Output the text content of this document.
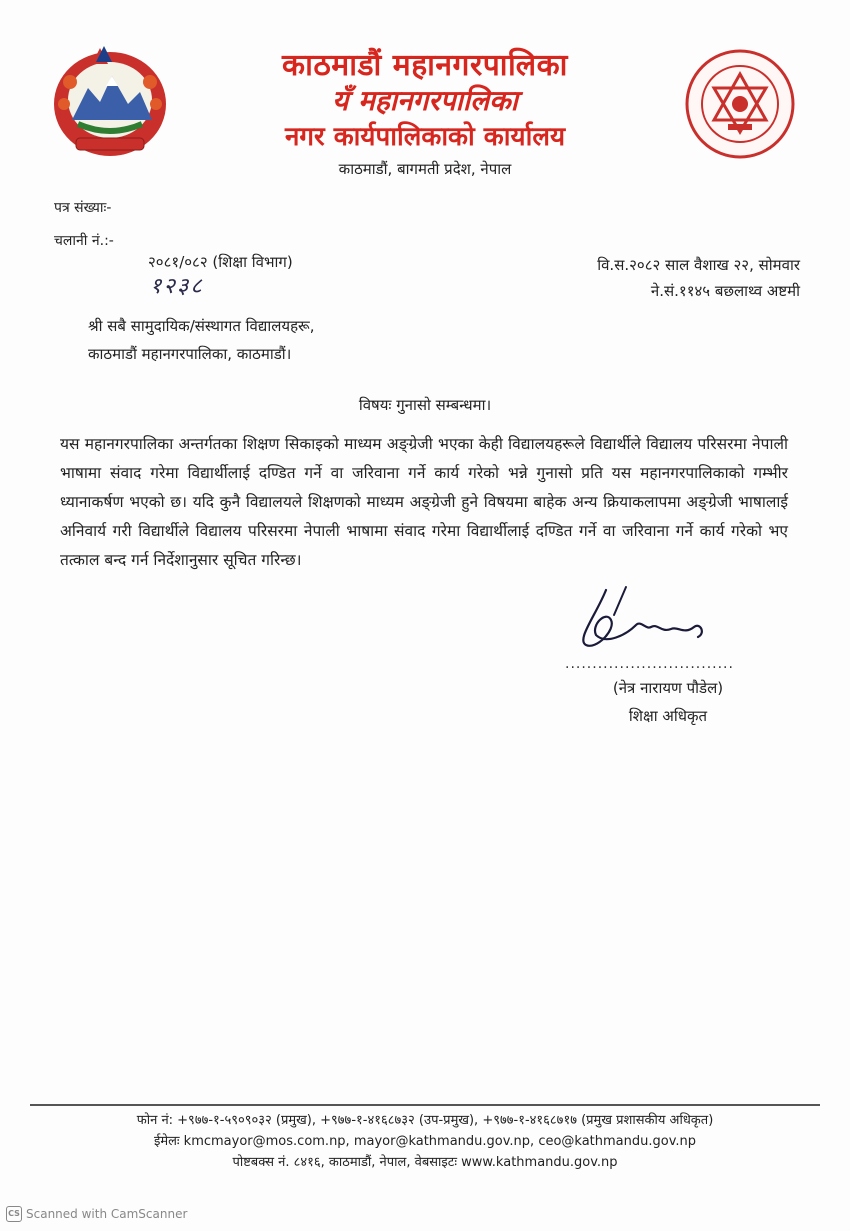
काठमाडौं महानगरपालिका
यँ महानगरपालिका
नगर कार्यपालिकाको कार्यालय
काठमाडौं, बागमती प्रदेश, नेपाल
पत्र संख्याः-
चलानी नं.:-
२०८१/०८२ (शिक्षा विभाग)
१२३८
वि.स.२०८२ साल वैशाख २२, सोमवार
ने.सं.११४५ बछलाथ्व अष्टमी
श्री सबै सामुदायिक/संस्थागत विद्यालयहरू,
काठमाडौं महानगरपालिका, काठमाडौं।
विषयः गुनासो सम्बन्धमा।
यस महानगरपालिका अन्तर्गतका शिक्षण सिकाइको माध्यम अङ्ग्रेजी भएका केही विद्यालयहरूले विद्यार्थीले विद्यालय परिसरमा नेपाली भाषामा संवाद गरेमा विद्यार्थीलाई दण्डित गर्ने वा जरिवाना गर्ने कार्य गरेको भन्ने गुनासो प्रति यस महानगरपालिकाको गम्भीर ध्यानाकर्षण भएको छ। यदि कुनै विद्यालयले शिक्षणको माध्यम अङ्ग्रेजी हुने विषयमा बाहेक अन्य क्रियाकलापमा अङ्ग्रेजी भाषालाई अनिवार्य गरी विद्यार्थीले विद्यालय परिसरमा नेपाली भाषामा संवाद गरेमा विद्यार्थीलाई दण्डित गर्ने वा जरिवाना गर्ने कार्य गरेको भए तत्काल बन्द गर्न निर्देशानुसार सूचित गरिन्छ।
...............................
(नेत्र नारायण पौडेल)
शिक्षा अधिकृत
फोन नं: +९७७-१-५९०९०३२ (प्रमुख), +९७७-१-४१६८७३२ (उप-प्रमुख), +९७७-१-४१६८७१७ (प्रमुख प्रशासकीय अधिकृत)
ईमेलः kmcmayor@mos.com.np, mayor@kathmandu.gov.np, ceo@kathmandu.gov.np
पोष्टबक्स नं. ८४१६, काठमाडौं, नेपाल, वेबसाइटः www.kathmandu.gov.np
CS Scanned with CamScanner
